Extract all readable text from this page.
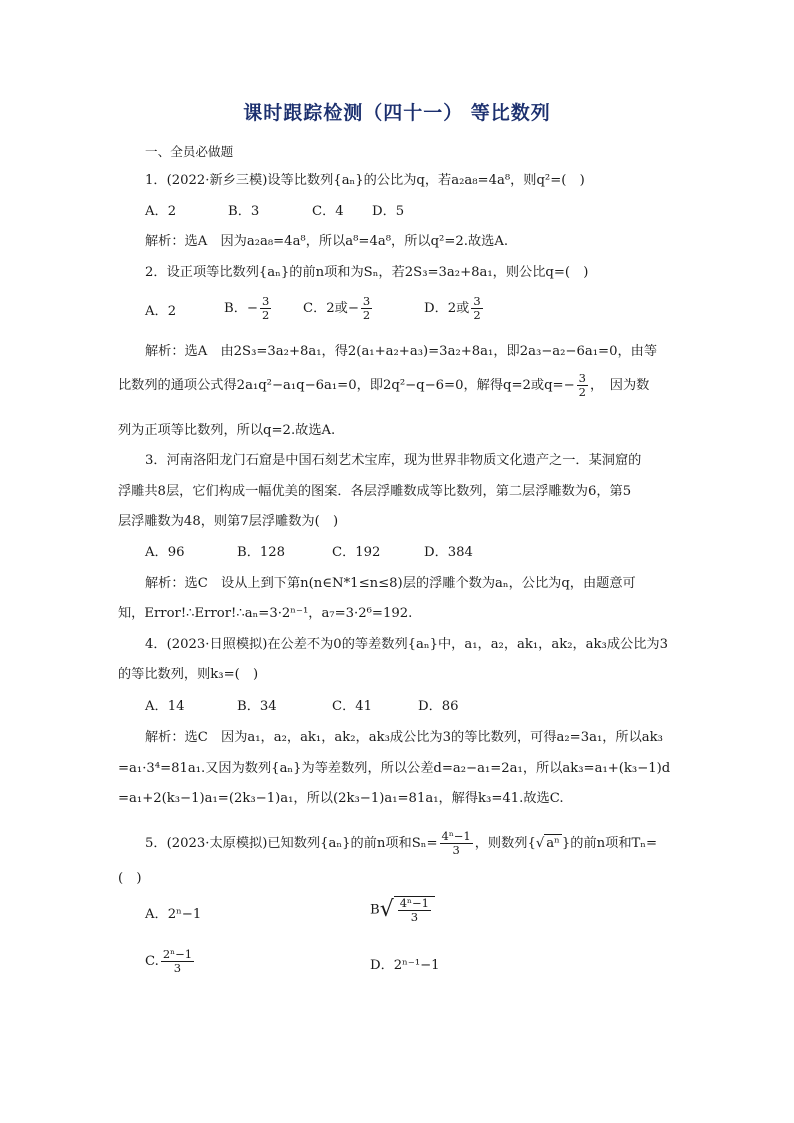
课时跟踪检测（四十一） 等比数列
一、全员必做题
1．(2022·新乡三模)设等比数列{aₙ}的公比为q，若a₂a₈=4a⁸，则q²=(　)
A．2	B．3	C．4 D．5
解析：选A　因为a₂a₈=4a⁸，所以a⁸=4a⁸，所以q²=2.故选A.
2．设正项等比数列{aₙ}的前n项和为Sₙ，若2S₃=3a₂+8a₁，则公比q=(　)
A．2	B．− $\frac{3}{2}$ C．2或− $\frac{3}{2}$	D．2或 $\frac{3}{2}$
解析：选A　由2S₃=3a₂+8a₁，得2(a₁+a₂+a₃)=3a₂+8a₁，即2a₃−a₂−6a₁=0，由等
比数列的通项公式得2a₁q²−a₁q−6a₁=0，即2q²−q−6=0，解得q=2或$q=- \frac{3}{2}$ ，　因为数
列为正项等比数列，所以q=2.故选A.
3．河南洛阳龙门石窟是中国石刻艺术宝库，现为世界非物质文化遗产之一．某洞窟的
浮雕共8层，它们构成一幅优美的图案．各层浮雕数成等比数列，第二层浮雕数为6，第5
层浮雕数为48，则第7层浮雕数为(　)
A．96	B．128	C．192	D．384
解析：选C　设从上到下第n(n∈N*1≤n≤8)层的浮雕个数为aₙ，公比为q，由题意可
知，Error!∴Error!∴aₙ=3·2ⁿ⁻¹，a₇=3·2⁶=192.
4．(2023·日照模拟)在公差不为0的等差数列{aₙ}中，a₁，a₂，ak₁，ak₂，ak₃成公比为3
的等比数列，则k₃=(　)
A．14	B．34	C．41	D．86
解析：选C　因为a₁，a₂，ak₁，ak₂，ak₃成公比为3的等比数列，可得a₂=3a₁，所以ak₃
=a₁·3⁴=81a₁.又因为数列{aₙ}为等差数列，所以公差d=a₂−a₁=2a₁，所以ak₃=a₁+(k₃−1)d
=a₁+2(k₃−1)a₁=(2k₃−1)a₁，所以(2k₃−1)a₁=81a₁，解得k₃=41.故选C.
5．(2023·太原模拟)已知数列{aₙ}的前n项和$S_n= \frac{\text{4ⁿ−1}}{3}$ ，则数列{ √ aⁿ }的前n项和Tₙ=
(　)
A．2ⁿ−1	B √ $\frac{\text{4ⁿ−1}}{3}$
C. $\frac{\text{2ⁿ−1}}{3}$	D．2ⁿ⁻¹−1
